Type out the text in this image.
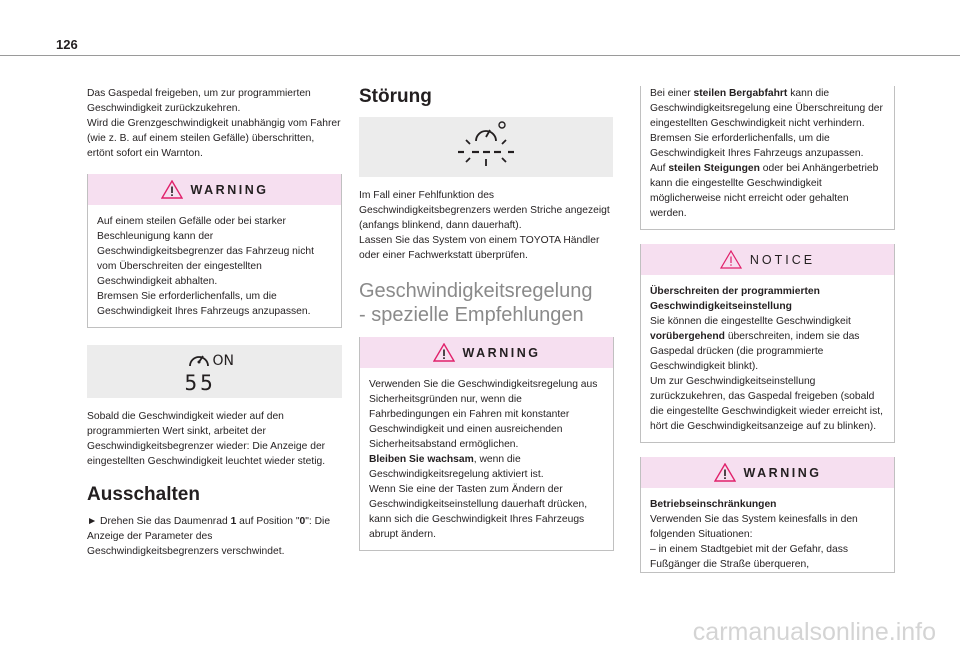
126

Das Gaspedal freigeben, um zur programmierten Geschwindigkeit zurückzukehren.

Wird die Grenzgeschwindigkeit unabhängig vom Fahrer (wie z. B. auf einem steilen Gefälle) überschritten, ertönt sofort ein Warnton.

WARNING

Auf einem steilen Gefälle oder bei starker Beschleunigung kann der Geschwindigkeitsbegrenzer das Fahrzeug nicht vom Überschreiten der eingestellten Geschwindigkeit abhalten.

Bremsen Sie erforderlichenfalls, um die Geschwindigkeit Ihres Fahrzeugs anzupassen.

ON
55

Sobald die Geschwindigkeit wieder auf den programmierten Wert sinkt, arbeitet der Geschwindigkeitsbegrenzer wieder: Die Anzeige der eingestellten Geschwindigkeit leuchtet wieder stetig.

Ausschalten

► Drehen Sie das Daumenrad 1 auf Position "0": Die Anzeige der Parameter des Geschwindigkeitsbegrenzers verschwindet.

Störung

Im Fall einer Fehlfunktion des Geschwindigkeitsbegrenzers werden Striche angezeigt (anfangs blinkend, dann dauerhaft).

Lassen Sie das System von einem TOYOTA Händler oder einer Fachwerkstatt überprüfen.

Geschwindigkeitsregelung

- spezielle Empfehlungen

WARNING

Verwenden Sie die Geschwindigkeitsregelung aus Sicherheitsgründen nur, wenn die Fahrbedingungen ein Fahren mit konstanter Geschwindigkeit und einen ausreichenden Sicherheitsabstand ermöglichen.

Bleiben Sie wachsam, wenn die Geschwindigkeitsregelung aktiviert ist.

Wenn Sie eine der Tasten zum Ändern der Geschwindigkeitseinstellung dauerhaft drücken, kann sich die Geschwindigkeit Ihres Fahrzeugs abrupt ändern.

Bei einer steilen Bergabfahrt kann die Geschwindigkeitsregelung eine Überschreitung der eingestellten Geschwindigkeit nicht verhindern. Bremsen Sie erforderlichenfalls, um die Geschwindigkeit Ihres Fahrzeugs anzupassen.

Auf steilen Steigungen oder bei Anhängerbetrieb kann die eingestellte Geschwindigkeit möglicherweise nicht erreicht oder gehalten werden.

NOTICE

Überschreiten der programmierten Geschwindigkeitseinstellung

Sie können die eingestellte Geschwindigkeit vorübergehend überschreiten, indem sie das Gaspedal drücken (die programmierte Geschwindigkeit blinkt).

Um zur Geschwindigkeitseinstellung zurückzukehren, das Gaspedal freigeben (sobald die eingestellte Geschwindigkeit wieder erreicht ist, hört die Geschwindigkeitsanzeige auf zu blinken).

WARNING

Betriebseinschränkungen

Verwenden Sie das System keinesfalls in den folgenden Situationen:

– in einem Stadtgebiet mit der Gefahr, dass Fußgänger die Straße überqueren,

carmanualsonline.info
